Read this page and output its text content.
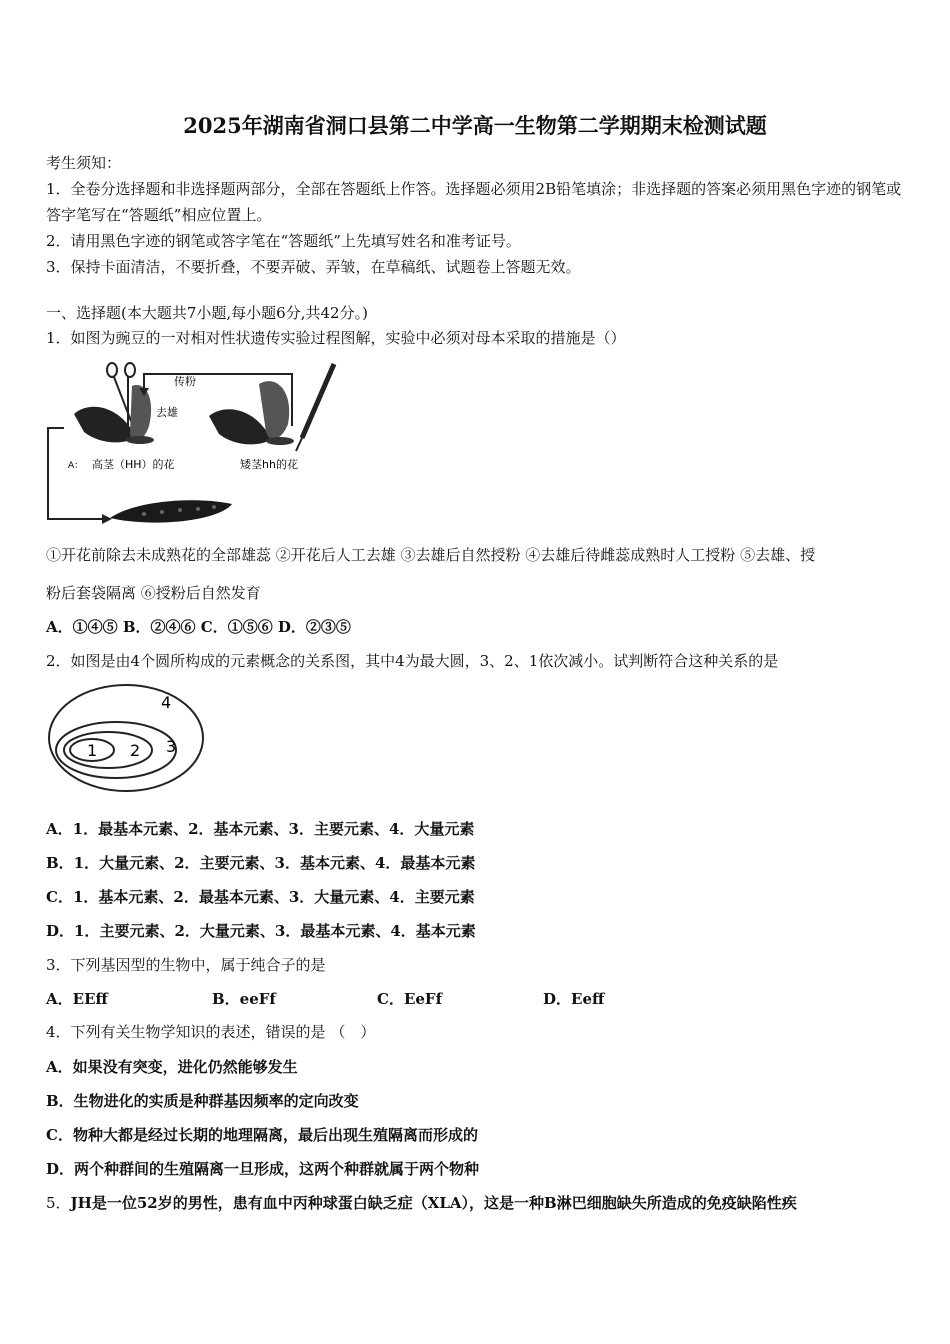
2025年湖南省洞口县第二中学高一生物第二学期期末检测试题
考生须知：
1．全卷分选择题和非选择题两部分，全部在答题纸上作答。选择题必须用2B铅笔填涂；非选择题的答案必须用黑色字迹的钢笔或答字笔写在“答题纸”相应位置上。
2．请用黑色字迹的钢笔或答字笔在“答题纸”上先填写姓名和准考证号。
3．保持卡面清洁，不要折叠，不要弄破、弄皱，在草稿纸、试题卷上答题无效。
一、选择题(本大题共7小题,每小题6分,共42分。)
1．如图为豌豆的一对相对性状遗传实验过程图解，实验中必须对母本采取的措施是（）
传粉
去雄
A： 高茎（HH）的花	矮茎hh的花
①开花前除去未成熟花的全部雄蕊 ②开花后人工去雄 ③去雄后自然授粉 ④去雄后待雌蕊成熟时人工授粉 ⑤去雄、授
粉后套袋隔离 ⑥授粉后自然发育
A．①④⑤ B．②④⑥ C．①⑤⑥ D．②③⑤
2．如图是由4个圆所构成的元素概念的关系图，其中4为最大圆，3、2、1依次减小。试判断符合这种关系的是
1 2 3
4
A．1．最基本元素、2．基本元素、3．主要元素、4．大量元素
B．1．大量元素、2．主要元素、3．基本元素、4．最基本元素
C．1．基本元素、2．最基本元素、3．大量元素、4．主要元素
D．1．主要元素、2．大量元素、3．最基本元素、4．基本元素
3．下列基因型的生物中，属于纯合子的是
A．EEff	B．eeFf	C．EeFf	D．Eeff
4．下列有关生物学知识的表述，错误的是 （　）
A．如果没有突变，进化仍然能够发生
B．生物进化的实质是种群基因频率的定向改变
C．物种大都是经过长期的地理隔离，最后出现生殖隔离而形成的
D．两个种群间的生殖隔离一旦形成，这两个种群就属于两个物种
5．JH是一位52岁的男性，患有血中丙种球蛋白缺乏症（XLA），这是一种B淋巴细胞缺失所造成的免疫缺陷性疾
